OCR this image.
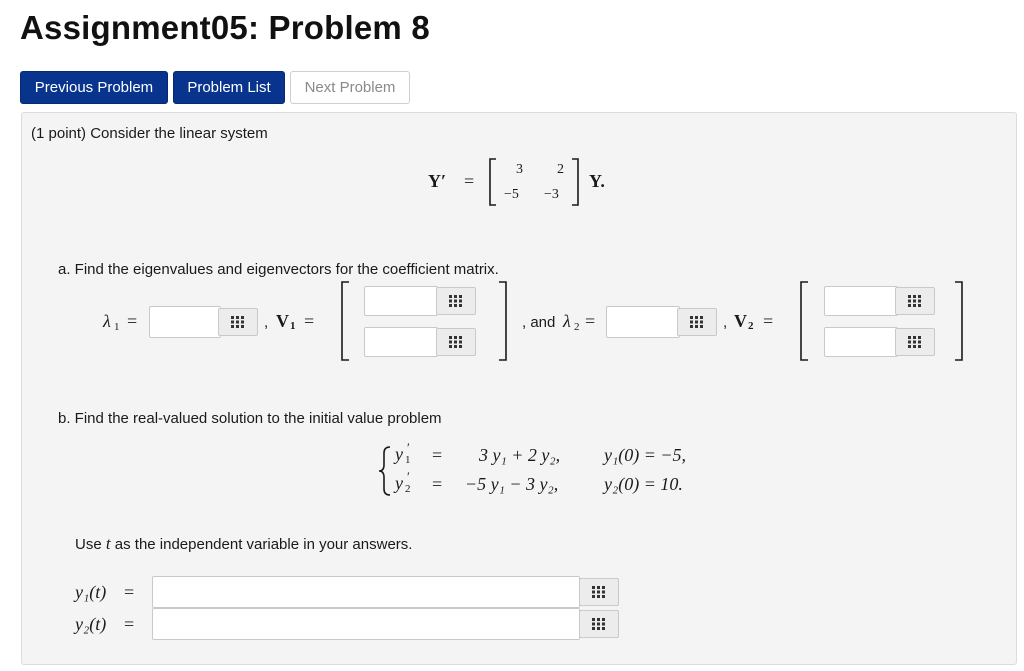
Assignment05: Problem 8
Previous Problem	Problem List	Next Problem
(1 point) Consider the linear system
Y′ =
3 2
−5 −3
Y.
a. Find the eigenvalues and eigenvectors for the coefficient matrix.
λ 1 =	, V 1 =	, and λ 2 =	, V 2 =
b. Find the real-valued solution to the initial value problem
y 1
′ = 3 y₁ + 2 y₂, y₁(0) = −5,
y 2
′ = −5 y₁ − 3 y₂,	y₂(0) = 10.
Use t as the independent variable in your answers.
y₁(t) =
y₂(t) =
